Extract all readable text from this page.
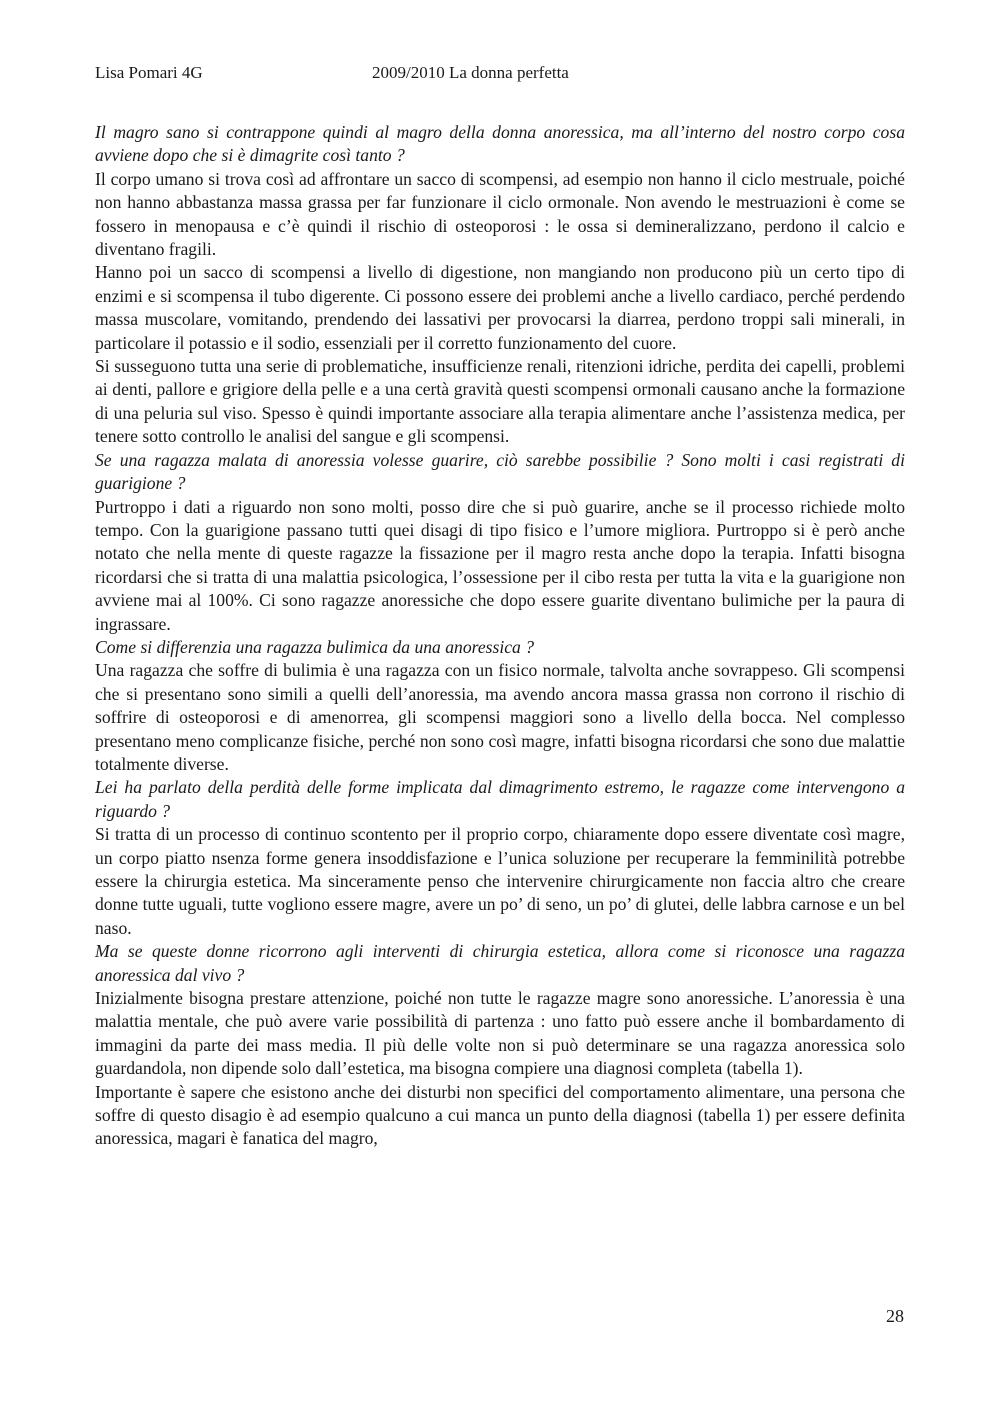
Lisa Pomari 4G	2009/2010 La donna perfetta

Il magro sano si contrappone quindi al magro della donna anoressica, ma all’interno del nostro corpo cosa avviene dopo che si è dimagrite così tanto ?

Il corpo umano si trova così ad affrontare un sacco di scompensi, ad esempio non hanno il ciclo mestruale, poiché non hanno abbastanza massa grassa per far funzionare il ciclo ormonale. Non avendo le mestruazioni è come se fossero in menopausa e c’è quindi il rischio di osteoporosi : le ossa si demineralizzano, perdono il calcio e diventano fragili.

Hanno poi un sacco di scompensi a livello di digestione, non mangiando non producono più un certo tipo di enzimi e si scompensa il tubo digerente. Ci possono essere dei problemi anche a livello cardiaco, perché perdendo massa muscolare, vomitando, prendendo dei lassativi per provocarsi la diarrea, perdono troppi sali minerali, in particolare il potassio e il sodio, essenziali per il corretto funzionamento del cuore.

Si susseguono tutta una serie di problematiche, insufficienze renali, ritenzioni idriche, perdita dei capelli, problemi ai denti, pallore e grigiore della pelle e a una certà gravità questi scompensi ormonali causano anche la formazione di una peluria sul viso. Spesso è quindi importante associare alla terapia alimentare anche l’assistenza medica, per tenere sotto controllo le analisi del sangue e gli scompensi.

Se una ragazza malata di anoressia volesse guarire, ciò sarebbe possibilie ? Sono molti i casi registrati di guarigione ?

Purtroppo i dati a riguardo non sono molti, posso dire che si può guarire, anche se il processo richiede molto tempo. Con la guarigione passano tutti quei disagi di tipo fisico e l’umore migliora. Purtroppo si è però anche notato che nella mente di queste ragazze la fissazione per il magro resta anche dopo la terapia. Infatti bisogna ricordarsi che si tratta di una malattia psicologica, l’ossessione per il cibo resta per tutta la vita e la guarigione non avviene mai al 100%. Ci sono ragazze anoressiche che dopo essere guarite diventano bulimiche per la paura di ingrassare.

Come si differenzia una ragazza bulimica da una anoressica ?

Una ragazza che soffre di bulimia è una ragazza con un fisico normale, talvolta anche sovrappeso. Gli scompensi che si presentano sono simili a quelli dell’anoressia, ma avendo ancora massa grassa non corrono il rischio di soffrire di osteoporosi e di amenorrea, gli scompensi maggiori sono a livello della bocca. Nel complesso presentano meno complicanze fisiche, perché non sono così magre, infatti bisogna ricordarsi che sono due malattie totalmente diverse.

Lei ha parlato della perdità delle forme implicata dal dimagrimento estremo, le ragazze come intervengono a riguardo ?

Si tratta di un processo di continuo scontento per il proprio corpo, chiaramente dopo essere diventate così magre, un corpo piatto nsenza forme genera insoddisfazione e l’unica soluzione per recuperare la femminilità potrebbe essere la chirurgia estetica. Ma sinceramente penso che intervenire chirurgicamente non faccia altro che creare donne tutte uguali, tutte vogliono essere magre, avere un po’ di seno, un po’ di glutei, delle labbra carnose e un bel naso.

Ma se queste donne ricorrono agli interventi di chirurgia estetica, allora come si riconosce una ragazza anoressica dal vivo ?

Inizialmente bisogna prestare attenzione, poiché non tutte le ragazze magre sono anoressiche. L’anoressia è una malattia mentale, che può avere varie possibilità di partenza : uno fatto può essere anche il bombardamento di immagini da parte dei mass media. Il più delle volte non si può determinare se una ragazza anoressica solo guardandola, non dipende solo dall’estetica, ma bisogna compiere una diagnosi completa (tabella 1).

Importante è sapere che esistono anche dei disturbi non specifici del comportamento alimentare, una persona che soffre di questo disagio è ad esempio qualcuno a cui manca un punto della diagnosi (tabella 1) per essere definita anoressica, magari è fanatica del magro,

28
